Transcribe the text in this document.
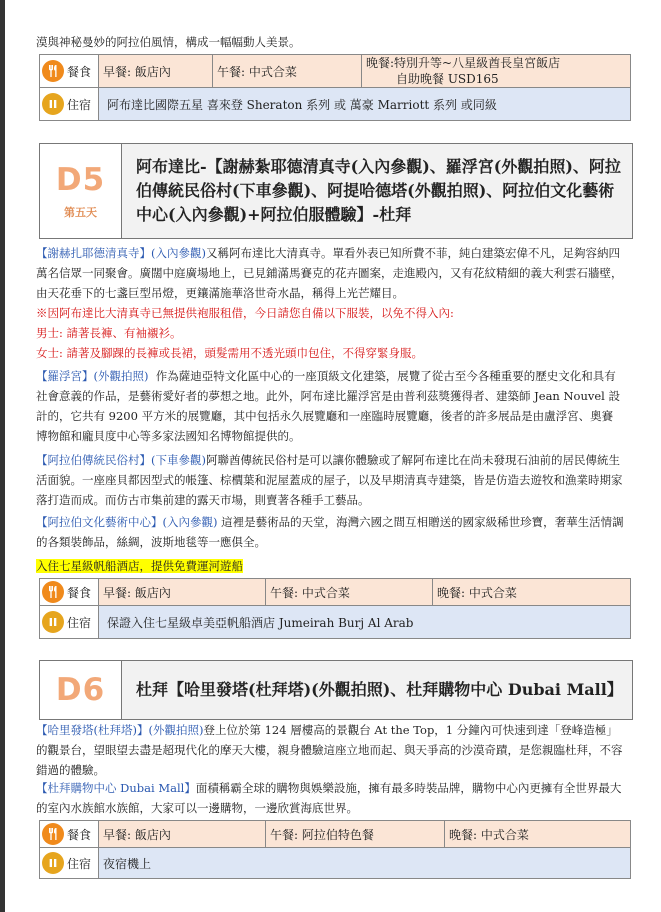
漠與神秘曼妙的阿拉伯風情，構成一幅幅動人美景。
餐食	早餐: 飯店內	午餐: 中式合菜	晚餐:特別升等~八星級酋長皇宮飯店
自助晚餐 USD165

住宿	阿布達比國際五星 喜來登 Sheraton 系列 或 萬豪 Marriott 系列 或同級		
D5
第五天
阿布達比-【謝赫紮耶德清真寺(入內參觀)、羅浮宮(外觀拍照)、阿拉伯傳統民俗村(下車參觀)、阿提哈德塔(外觀拍照)、阿拉伯文化藝術中心(入內參觀)+阿拉伯服體驗】-杜拜
【謝赫扎耶德清真寺】(入內參觀)又稱阿布達比大清真寺。單看外表已知所費不菲，純白建築宏偉不凡，足夠容納四萬名信眾一同聚會。廣闊中庭廣場地上，已見鋪滿馬賽克的花卉圖案，走進殿內，又有花紋精細的義大利雲石牆壁，由天花垂下的七盞巨型吊燈，更鑲滿施華洛世奇水晶，稱得上光芒耀目。
※因阿布達比大清真寺已無提供袍服租借，今日請您自備以下服裝，以免不得入內:
男士: 請著長褲、有袖襯衫。
女士: 請著及腳踝的長褲或長裙，頭髮需用不透光頭巾包住，不得穿緊身服。
【羅浮宮】(外觀拍照) 作為薩迪亞特文化區中心的一座頂級文化建築，展覽了從古至今各種重要的歷史文化和具有社會意義的作品，是藝術愛好者的夢想之地。此外，阿布達比羅浮宮是由普利茲獎獲得者、建築師 Jean Nouvel 設計的，它共有 9200 平方米的展覽廳，其中包括永久展覽廳和一座臨時展覽廳，後者的許多展品是由盧浮宮、奧賽博物館和龐貝度中心等多家法國知名博物館提供的。
【阿拉伯傳統民俗村】(下車參觀)阿聯酋傳統民俗村是可以讓你體驗或了解阿布達比在尚未發現石油前的居民傳統生活面貌。一座座貝都因型式的帳篷、棕櫚葉和泥屋蓋成的屋子，以及早期清真寺建築，皆是仿造去遊牧和漁業時期家落打造而成。而仿古市集前建的露天市場，則賣著各種手工藝品。
【阿拉伯文化藝術中心】(入內參觀) 這裡是藝術品的天堂，海灣六國之間互相贈送的國家級稀世珍寶，奢華生活情調的各類裝飾品，絲綢，波斯地毯等一應俱全。
入住七星級帆船酒店，提供免費運河遊船
餐食	早餐: 飯店內	午餐: 中式合菜	晚餐: 中式合菜

住宿	保證入住七星級卓美亞帆船酒店 Jumeirah Burj Al Arab		
D6	杜拜【哈里發塔(杜拜塔)(外觀拍照)、杜拜購物中心 Dubai Mall】
【哈里發塔(杜拜塔)】(外觀拍照)登上位於第 124 層樓高的景觀台 At the Top，1 分鐘內可快速到達「登峰造極」的觀景台，望眼望去盡是超現代化的摩天大樓，親身體驗這座立地而起、與天爭高的沙漠奇蹟，是您親臨杜拜，不容錯過的體驗。
【杜拜購物中心 Dubai Mall】面積稱霸全球的購物與娛樂設施，擁有最多時裝品牌，購物中心內更擁有全世界最大的室內水族館水族館，大家可以一邊購物，一邊欣賞海底世界。
餐食	早餐: 飯店內	午餐: 阿拉伯特色餐	晚餐: 中式合菜

住宿	夜宿機上		
